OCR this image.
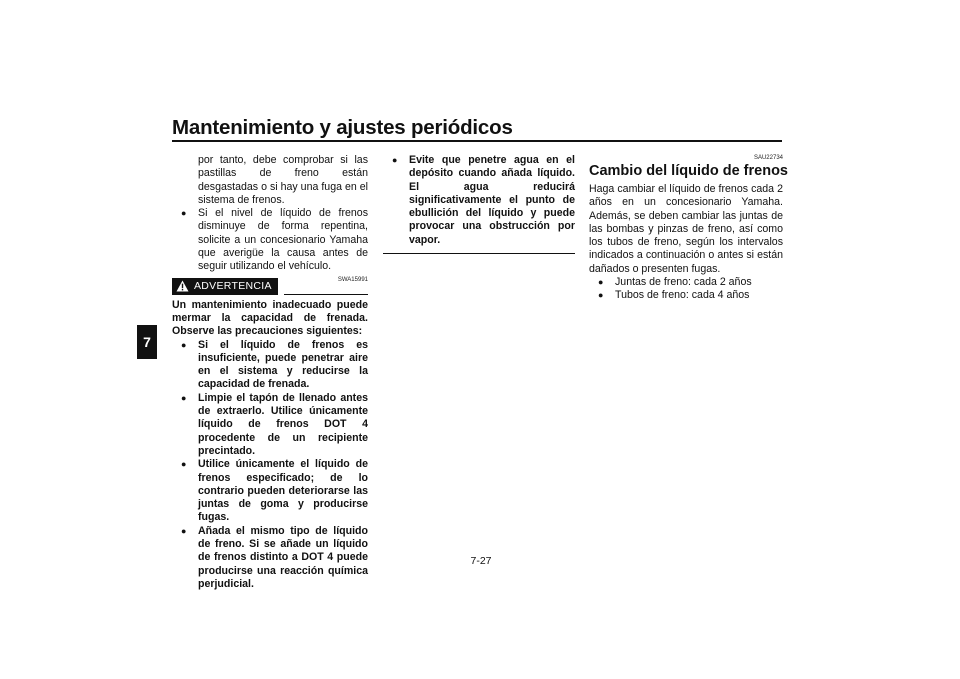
Mantenimiento y ajustes periódicos
7

por tanto, debe comprobar si las pastillas de freno están desgastadas o si hay una fuga en el sistema de frenos.

● Si el nivel de líquido de frenos disminuye de forma repentina, solicite a un concesionario Yamaha que averigüe la causa antes de seguir utilizando el vehículo.

SWA15991
ADVERTENCIA

Un mantenimiento inadecuado puede mermar la capacidad de frenada. Observe las precauciones siguientes:

● Si el líquido de frenos es insuficiente, puede penetrar aire en el sistema y reducirse la capacidad de frenada.

● Limpie el tapón de llenado antes de extraerlo. Utilice únicamente líquido de frenos DOT 4 procedente de un recipiente precintado.

● Utilice únicamente el líquido de frenos especificado; de lo contrario pueden deteriorarse las juntas de goma y producirse fugas.

● Añada el mismo tipo de líquido de freno. Si se añade un líquido de frenos distinto a DOT 4 puede producirse una reacción química perjudicial.

● Evite que penetre agua en el depósito cuando añada líquido. El agua reducirá significativamente el punto de ebullición del líquido y puede provocar una obstrucción por vapor.

SAU22734
Cambio del líquido de frenos

Haga cambiar el líquido de frenos cada 2 años en un concesionario Yamaha. Además, se deben cambiar las juntas de las bombas y pinzas de freno, así como los tubos de freno, según los intervalos indicados a continuación o antes si están dañados o presenten fugas.

● Juntas de freno: cada 2 años

● Tubos de freno: cada 4 años

7-27
